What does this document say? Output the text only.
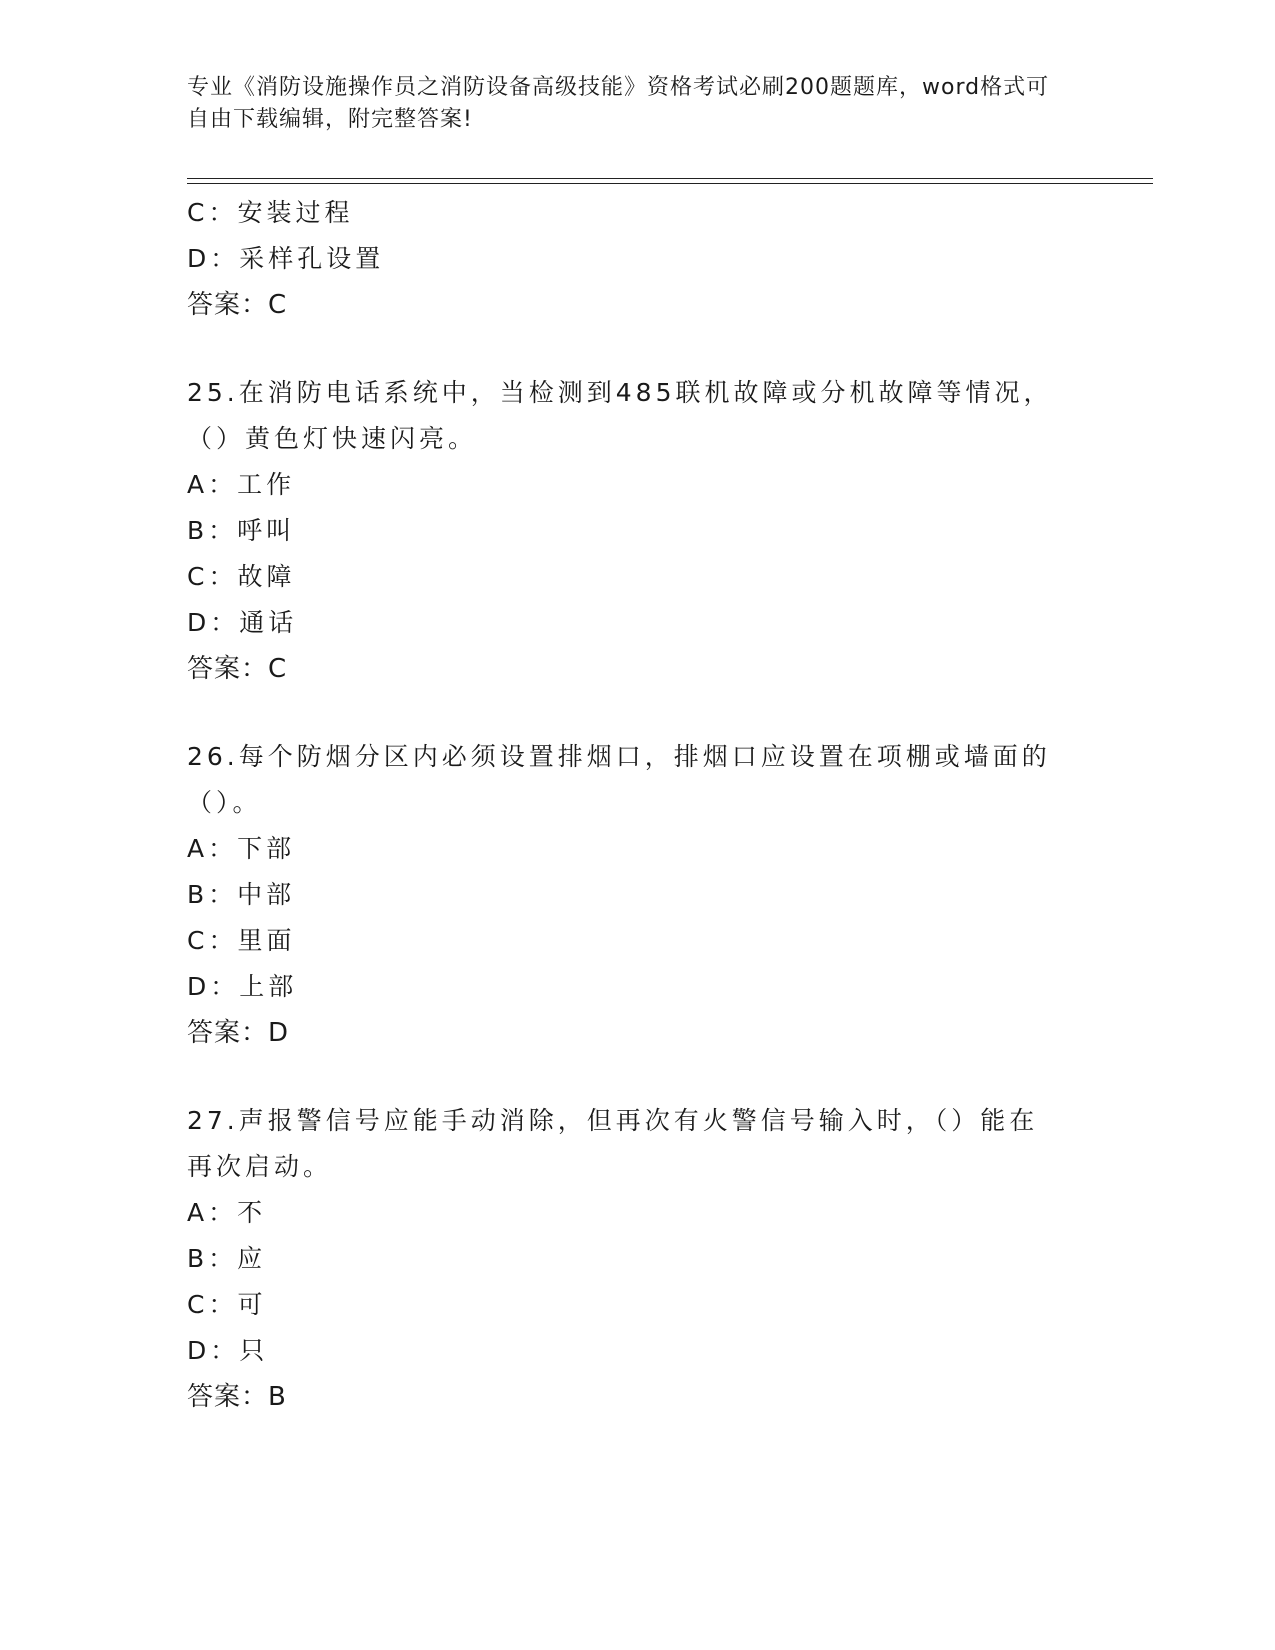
专业《消防设施操作员之消防设备高级技能》资格考试必刷200题题库，word格式可自由下载编辑，附完整答案!
C：安装过程
D：采样孔设置
答案：C
25.在消防电话系统中，当检测到485联机故障或分机故障等情况，（）黄色灯快速闪亮。
A：工作
B：呼叫
C：故障
D：通话
答案：C
26.每个防烟分区内必须设置排烟口，排烟口应设置在项棚或墙面的（）。
A：下部
B：中部
C：里面
D：上部
答案：D
27.声报警信号应能手动消除，但再次有火警信号输入时，（）能在再次启动。
A：不
B：应
C：可
D：只
答案：B
